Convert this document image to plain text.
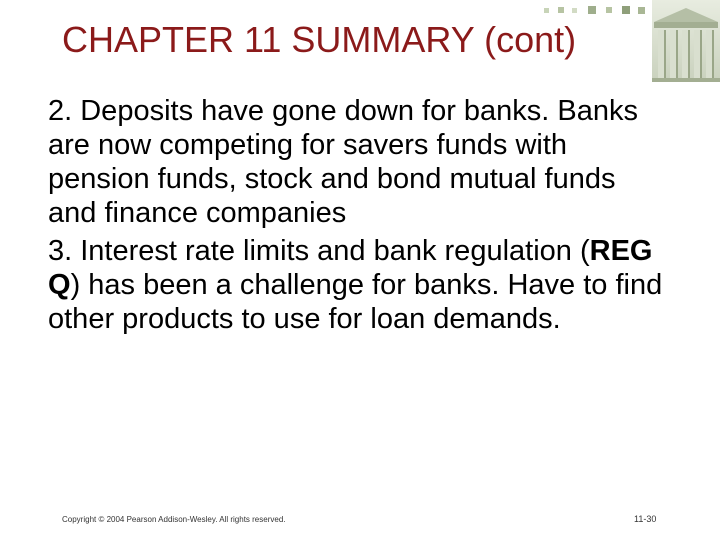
CHAPTER 11 SUMMARY (cont)

2. Deposits have gone down for banks. Banks are now competing for savers funds with pension funds, stock and bond mutual funds and finance companies

3. Interest rate limits and bank regulation (REG Q) has been a challenge for banks. Have to find other products to use for loan demands.

Copyright © 2004 Pearson Addison-Wesley. All rights reserved.	11-30
